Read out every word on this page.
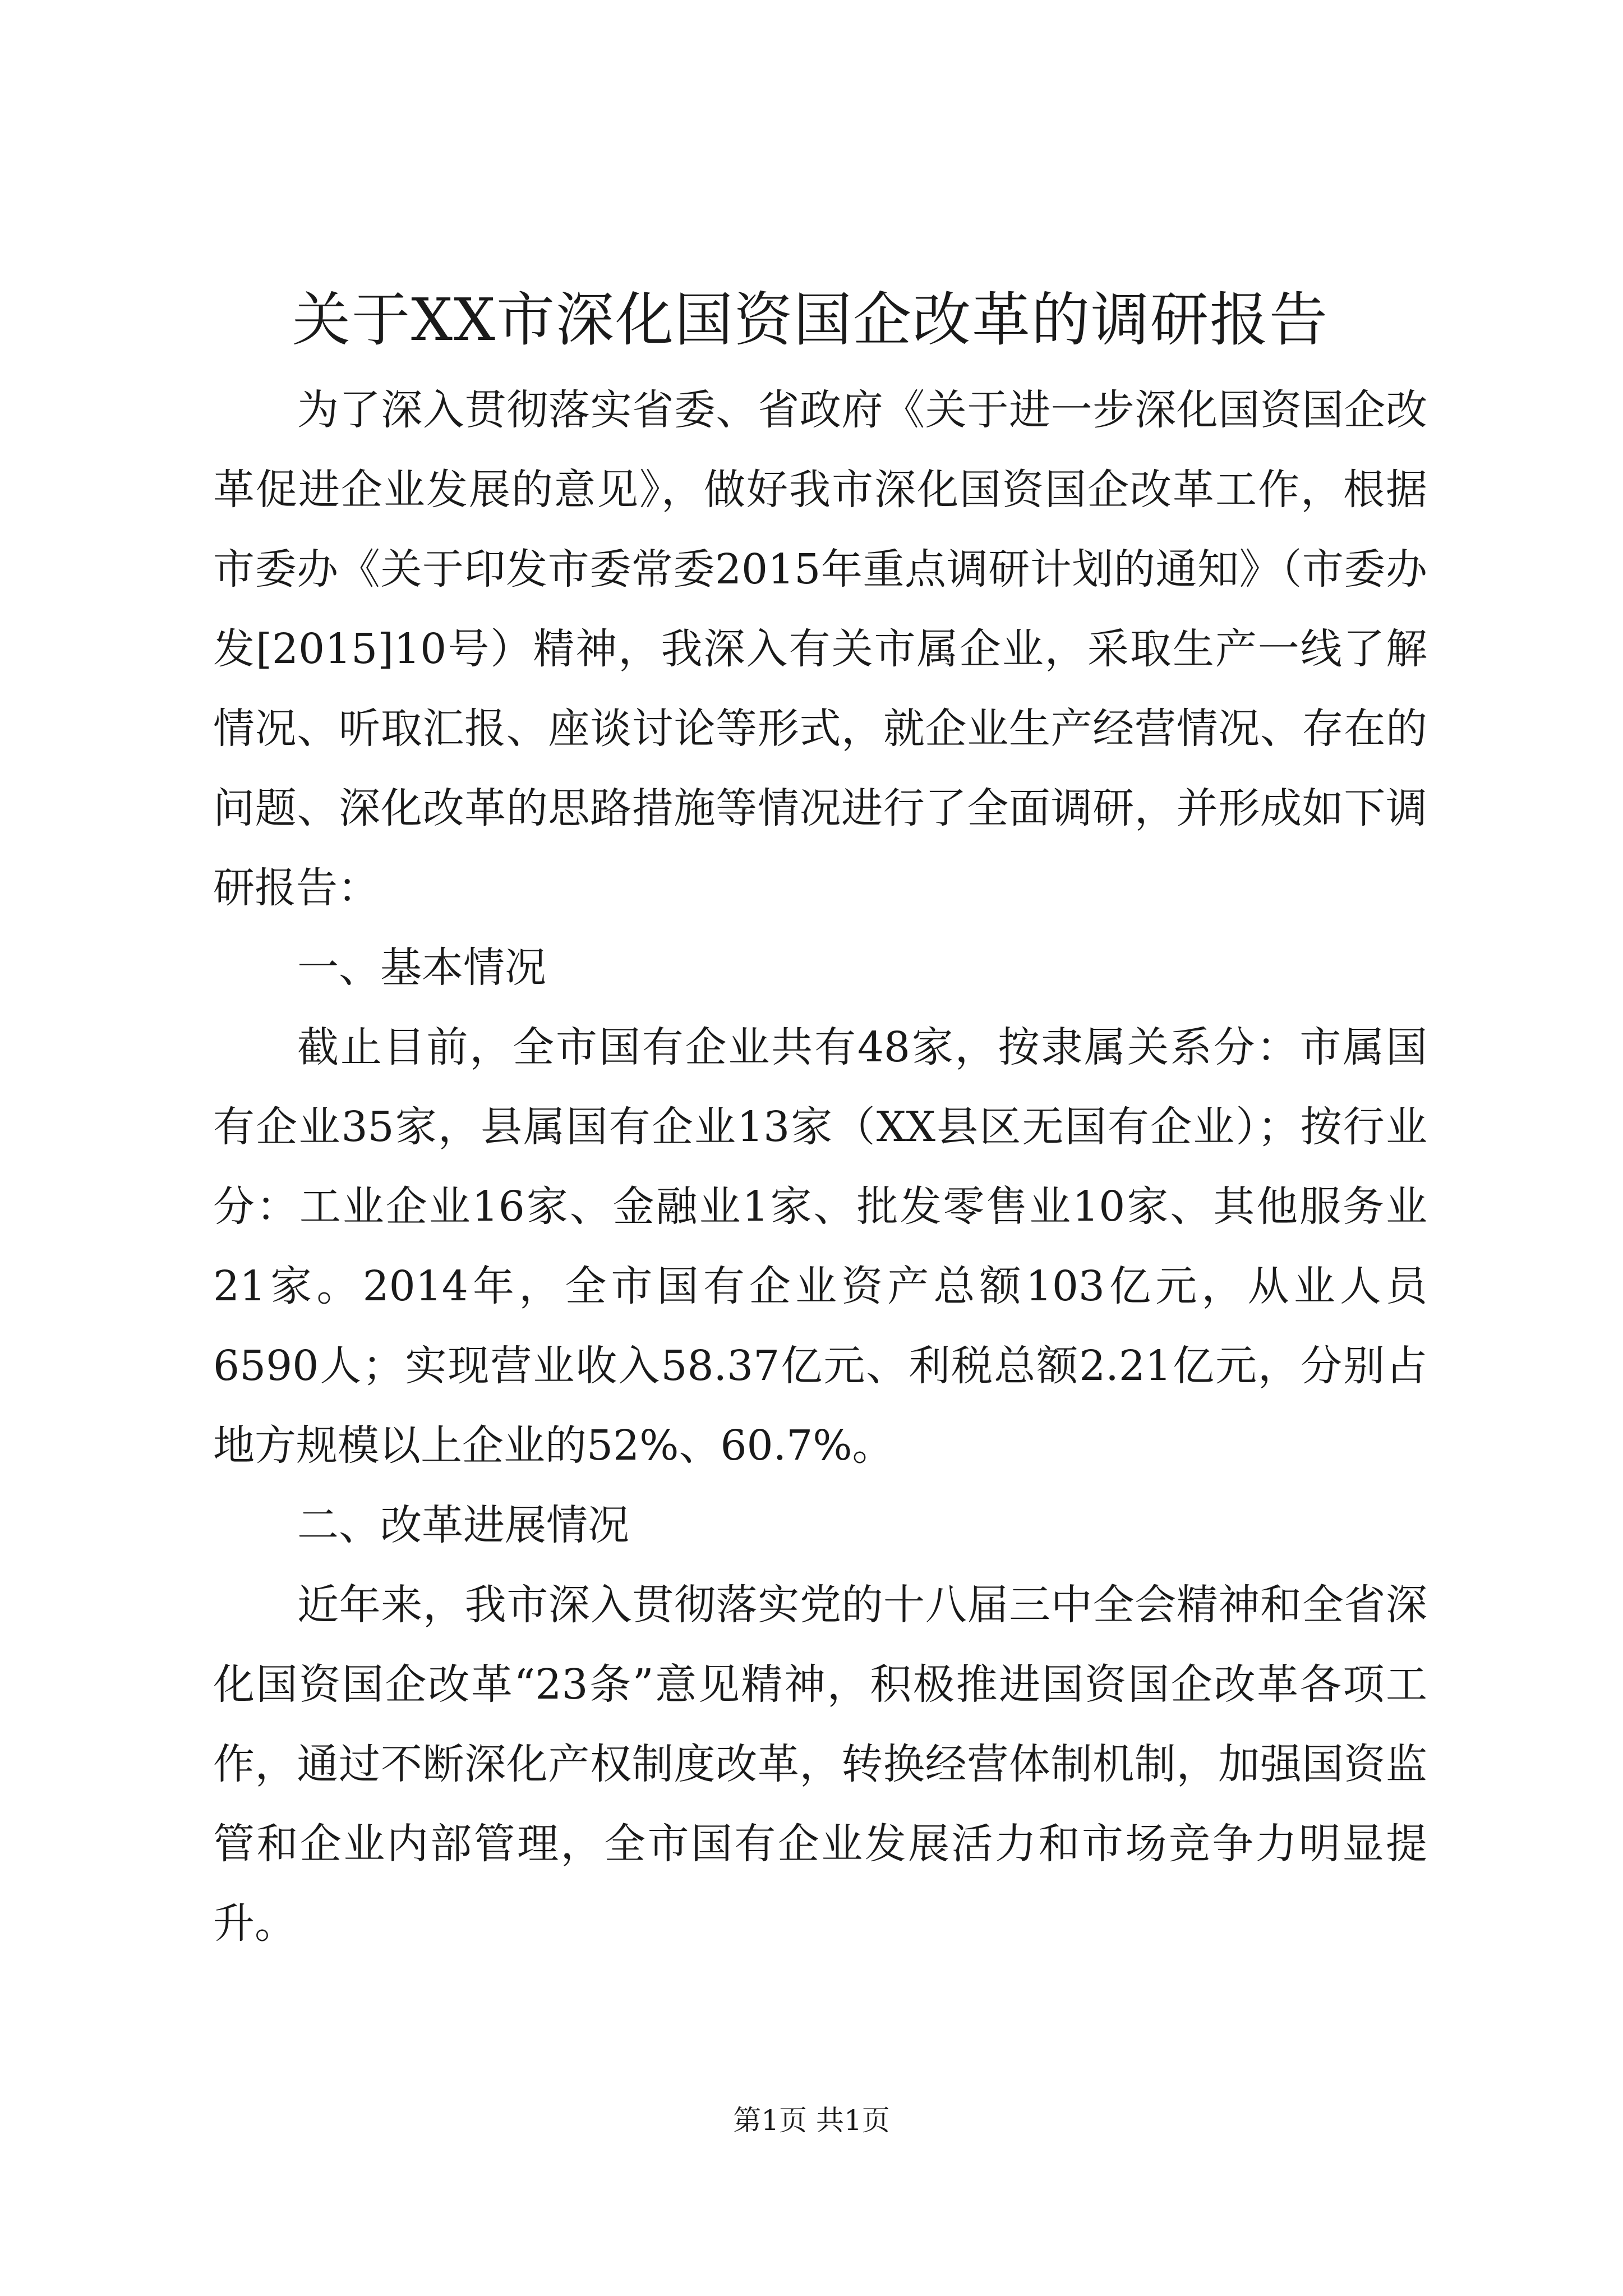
关于XX市深化国资国企改革的调研报告

为了深入贯彻落实省委、省政府《关于进一步深化国资国企改革促进企业发展的意见》，做好我市深化国资国企改革工作，根据市委办《关于印发市委常委2015年重点调研计划的通知》（市委办发[2015]10号）精神，我深入有关市属企业，采取生产一线了解情况、听取汇报、座谈讨论等形式，就企业生产经营情况、存在的问题、深化改革的思路措施等情况进行了全面调研，并形成如下调研报告：

一、基本情况

截止目前，全市国有企业共有48家，按隶属关系分：市属国有企业35家，县属国有企业13家（XX县区无国有企业）；按行业分：工业企业16家、金融业1家、批发零售业10家、其他服务业21家。2014年，全市国有企业资产总额103亿元，从业人员6590人；实现营业收入58.37亿元、利税总额2.21亿元，分别占地方规模以上企业的52%、60.7%。

二、改革进展情况

近年来，我市深入贯彻落实党的十八届三中全会精神和全省深化国资国企改革“23条”意见精神，积极推进国资国企改革各项工作，通过不断深化产权制度改革，转换经营体制机制，加强国资监管和企业内部管理，全市国有企业发展活力和市场竞争力明显提升。

第1页 共1页
